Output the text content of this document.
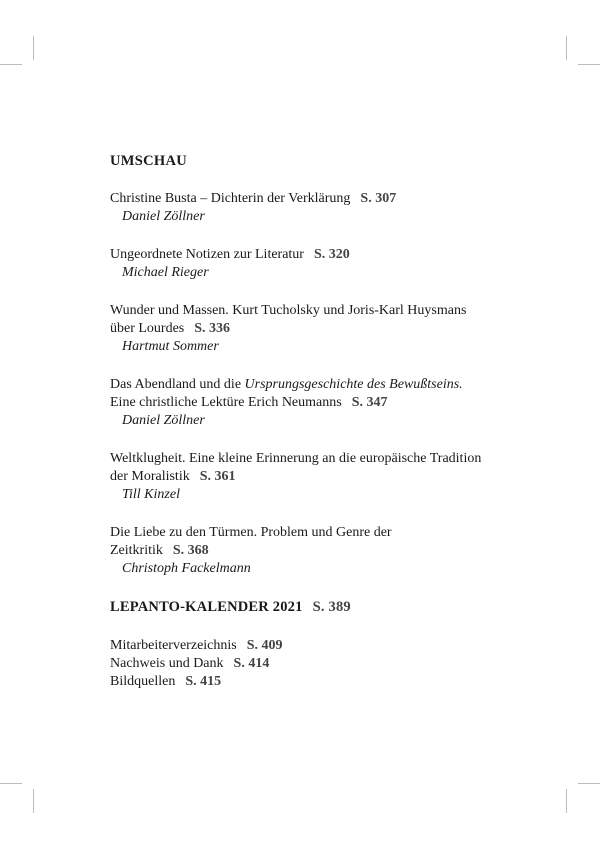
UMSCHAU
Christine Busta – Dichterin der Verklärung S. 307
Daniel Zöllner
Ungeordnete Notizen zur Literatur S. 320
Michael Rieger
Wunder und Massen. Kurt Tucholsky und Joris-Karl Huysmans
über Lourdes S. 336
Hartmut Sommer
Das Abendland und die Ursprungsgeschichte des Bewußtseins.
Eine christliche Lektüre Erich Neumanns S. 347
Daniel Zöllner
Weltklugheit. Eine kleine Erinnerung an die europäische Tradition
der Moralistik S. 361
Till Kinzel
Die Liebe zu den Türmen. Problem und Genre der
Zeitkritik S. 368
Christoph Fackelmann
LEPANTO-KALENDER 2021 S. 389
Mitarbeiterverzeichnis S. 409
Nachweis und Dank S. 414
Bildquellen S. 415
